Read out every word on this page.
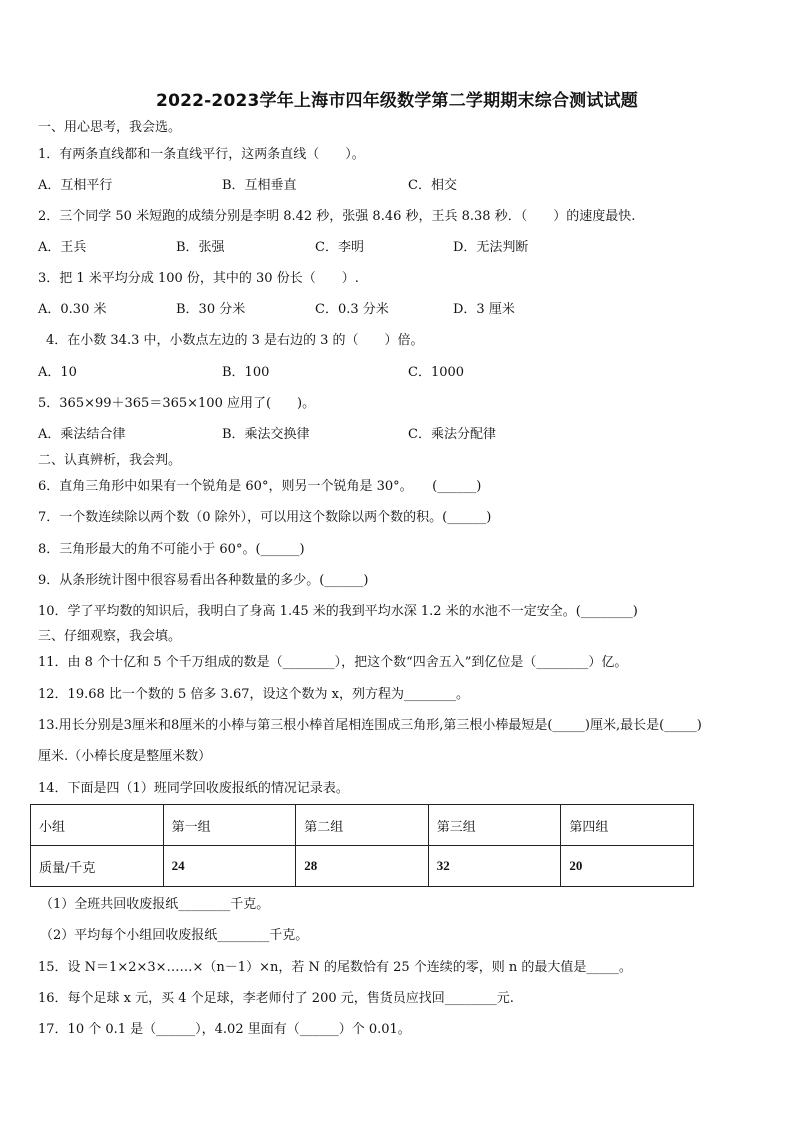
2022-2023学年上海市四年级数学第二学期期末综合测试试题
一、用心思考，我会选。
1．有两条直线都和一条直线平行，这两条直线（　　）。
A．互相平行	B．互相垂直	C．相交
2．三个同学 50 米短跑的成绩分别是李明 8.42 秒，张强 8.46 秒，王兵 8.38 秒．（　　）的速度最快.
A．王兵	B．张强	C．李明	D．无法判断
3．把 1 米平均分成 100 份，其中的 30 份长（　　）.
A．0.30 米	B．30 分米	C．0.3 分米	D．3 厘米
4．在小数 34.3 中，小数点左边的 3 是右边的 3 的（　　）倍。
A．10	B．100	C．1000
5．365×99＋365＝365×100 应用了(　　)。
A．乘法结合律	B．乘法交换律	C．乘法分配律
二、认真辨析，我会判。
6．直角三角形中如果有一个锐角是 60°，则另一个锐角是 30°。　　(______)
7．一个数连续除以两个数（0 除外），可以用这个数除以两个数的积。(______)
8．三角形最大的角不可能小于 60°。(______)
9．从条形统计图中很容易看出各种数量的多少。(______)
10．学了平均数的知识后，我明白了身高 1.45 米的我到平均水深 1.2 米的水池不一定安全。(________)
三、仔细观察，我会填。
11．由 8 个十亿和 5 个千万组成的数是（________），把这个数“四舍五入”到亿位是（________）亿。
12．19.68 比一个数的 5 倍多 3.67，设这个数为 x，列方程为________。
13.用长分别是3厘米和8厘米的小棒与第三根小棒首尾相连围成三角形,第三根小棒最短是(_____)厘米,最长是(_____)
厘米.（小棒长度是整厘米数）
14．下面是四（1）班同学回收废报纸的情况记录表。
小组	第一组	第二组	第三组	第四组
质量/千克	24	28	32	20
（1）全班共回收废报纸________千克。
（2）平均每个小组回收废报纸________千克。
15．设 N＝1×2×3×……×（n－1）×n，若 N 的尾数恰有 25 个连续的零，则 n 的最大值是_____。
16．每个足球 x 元，买 4 个足球，李老师付了 200 元，售货员应找回________元.
17．10 个 0.1 是（______），4.02 里面有（______）个 0.01。
